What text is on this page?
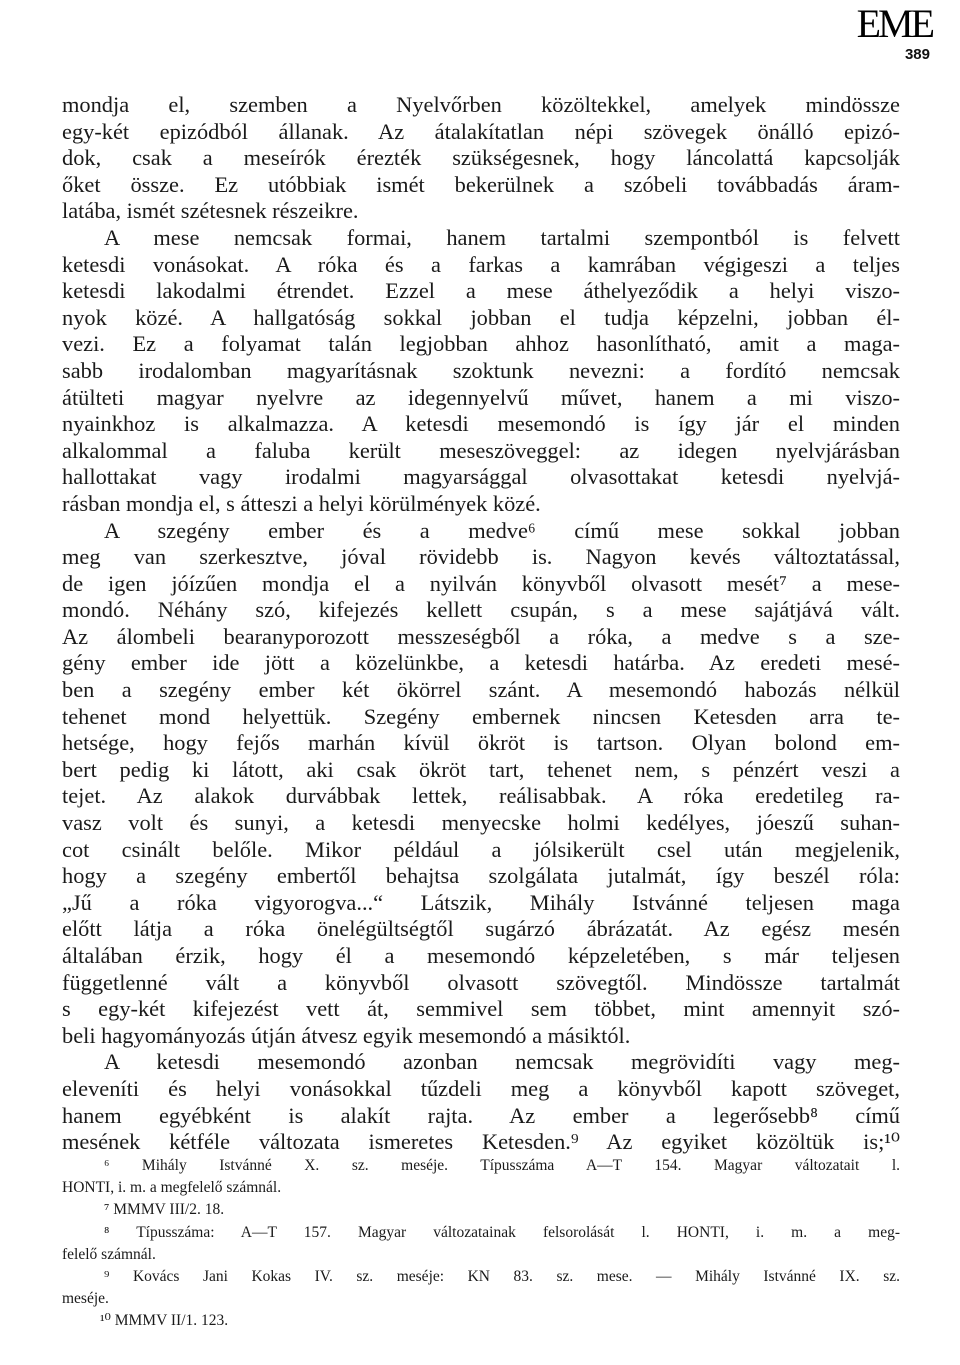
EME
389
mondja el, szemben a Nyelvőrben közöltekkel, amelyek mindössze
egy-két epizódból állanak. Az átalakítatlan népi szövegek önálló epizó-
dok, csak a meseírók érezték szükségesnek, hogy láncolattá kapcsolják
őket össze. Ez utóbbiak ismét bekerülnek a szóbeli továbbadás áram-
latába, ismét szétesnek részeikre.
A mese nemcsak formai, hanem tartalmi szempontból is felvett
ketesdi vonásokat. A róka és a farkas a kamrában végigeszi a teljes
ketesdi lakodalmi étrendet. Ezzel a mese áthelyeződik a helyi viszo-
nyok közé. A hallgatóság sokkal jobban el tudja képzelni, jobban él-
vezi. Ez a folyamat talán legjobban ahhoz hasonlítható, amit a maga-
sabb irodalomban magyarításnak szoktunk nevezni: a fordító nemcsak
átülteti magyar nyelvre az idegennyelvű művet, hanem a mi viszo-
nyainkhoz is alkalmazza. A ketesdi mesemondó is így jár el minden
alkalommal a faluba került meseszöveggel: az idegen nyelvjárásban
hallottakat vagy irodalmi magyarsággal olvasottakat ketesdi nyelvjá-
rásban mondja el, s átteszi a helyi körülmények közé.
A szegény ember és a medve⁶ című mese sokkal jobban
meg van szerkesztve, jóval rövidebb is. Nagyon kevés változtatással,
de igen jóízűen mondja el a nyilván könyvből olvasott mesét⁷ a mese-
mondó. Néhány szó, kifejezés kellett csupán, s a mese sajátjává vált.
Az álombeli bearanyporozott messzeségből a róka, a medve s a sze-
gény ember ide jött a közelünkbe, a ketesdi határba. Az eredeti mesé-
ben a szegény ember két ökörrel szánt. A mesemondó habozás nélkül
tehenet mond helyettük. Szegény embernek nincsen Ketesden arra te-
hetsége, hogy fejős marhán kívül ökröt is tartson. Olyan bolond em-
bert pedig ki látott, aki csak ökröt tart, tehenet nem, s pénzért veszi a
tejet. Az alakok durvábbak lettek, reálisabbak. A róka eredetileg ra-
vasz volt és sunyi, a ketesdi menyecske holmi kedélyes, jóeszű suhan-
cot csinált belőle. Mikor például a jólsikerült csel után megjelenik,
hogy a szegény embertől behajtsa szolgálata jutalmát, így beszél róla:
„Jű a róka vigyorogva...“ Látszik, Mihály Istvánné teljesen maga
előtt látja a róka önelégültségtől sugárzó ábrázatát. Az egész mesén
általában érzik, hogy él a mesemondó képzeletében, s már teljesen
függetlenné vált a könyvből olvasott szövegtől. Mindössze tartalmát
s egy-két kifejezést vett át, semmivel sem többet, mint amennyit szó-
beli hagyományozás útján átvesz egyik mesemondó a másiktól.
A ketesdi mesemondó azonban nemcsak megrövidíti vagy meg-
eleveníti és helyi vonásokkal tűzdeli meg a könyvből kapott szöveget,
hanem egyébként is alakít rajta. Az ember a legerősebb⁸ című
mesének kétféle változata ismeretes Ketesden.⁹ Az egyiket közöltük is;¹⁰
⁶ Mihály Istvánné X. sz. meséje. Típusszáma A—T 154. Magyar változatait l.
HONTI, i. m. a megfelelő számnál.
⁷ MMMV III/2. 18.
⁸ Típusszáma: A—T 157. Magyar változatainak felsorolását l. HONTI, i. m. a meg-
felelő számnál.
⁹ Kovács Jani Kokas IV. sz. meséje: KN 83. sz. mese. — Mihály Istvánné IX. sz.
meséje.
¹⁰ MMMV II/1. 123.
